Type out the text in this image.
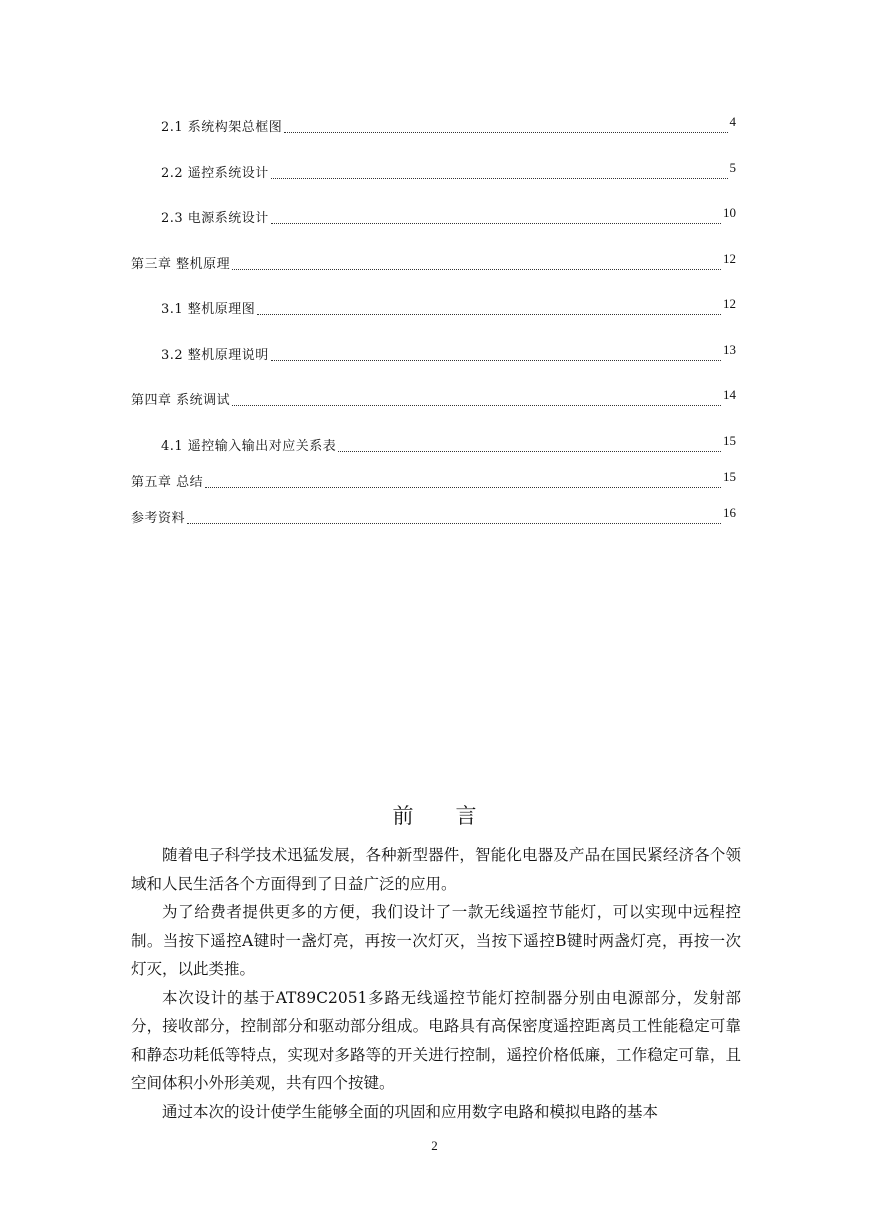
2.1 系统构架总框图	4
2.2 遥控系统设计	5
2.3 电源系统设计	10
第三章 整机原理	12
3.1 整机原理图	12
3.2 整机原理说明	13
第四章 系统调试	14
4.1 遥控输入输出对应关系表	15
第五章 总结	15
参考资料	16
前言

随着电子科学技术迅猛发展，各种新型器件，智能化电器及产品在国民紧经济各个领域和人民生活各个方面得到了日益广泛的应用。

为了给费者提供更多的方便，我们设计了一款无线遥控节能灯，可以实现中远程控制。当按下遥控A键时一盏灯亮，再按一次灯灭，当按下遥控B键时两盏灯亮，再按一次灯灭，以此类推。

本次设计的基于AT89C2051多路无线遥控节能灯控制器分别由电源部分，发射部分，接收部分，控制部分和驱动部分组成。电路具有高保密度遥控距离员工性能稳定可靠和静态功耗低等特点，实现对多路等的开关进行控制，遥控价格低廉，工作稳定可靠，且空间体积小外形美观，共有四个按键。

通过本次的设计使学生能够全面的巩固和应用数字电路和模拟电路的基本

2
